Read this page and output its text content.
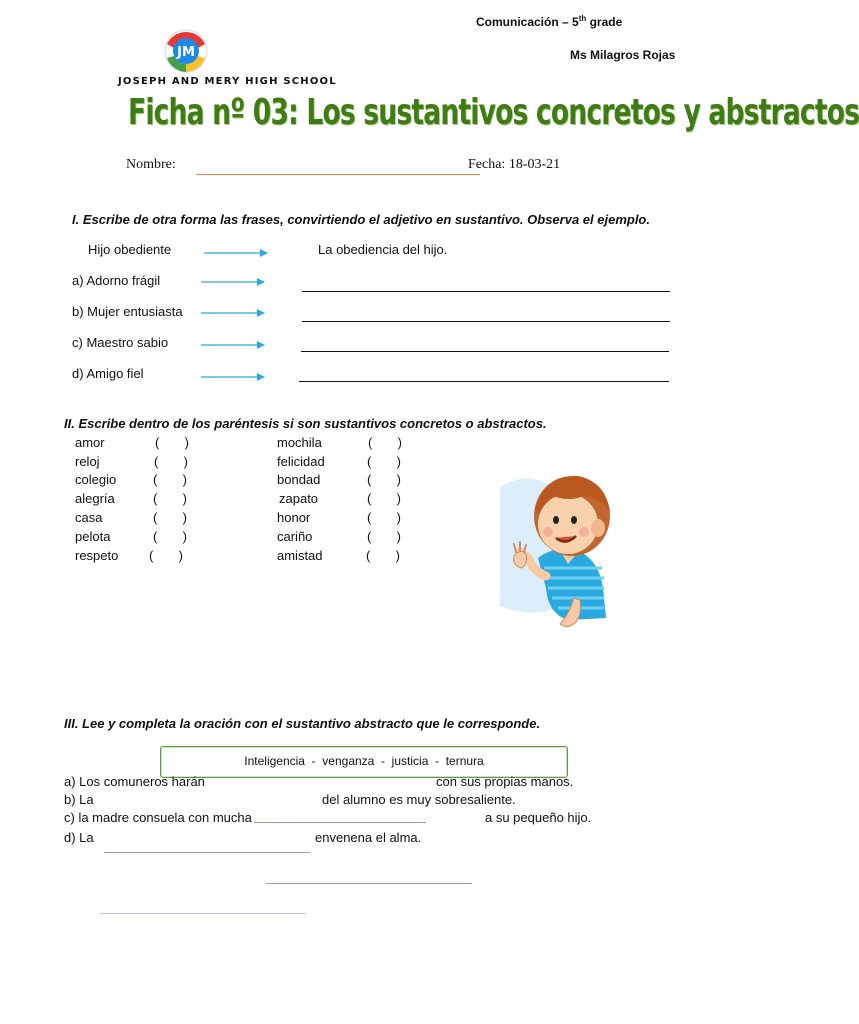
Comunicación – 5th grade
Ms Milagros Rojas
JM
JOSEPH AND MERY HIGH SCHOOL
Ficha nº 03: Los sustantivos concretos y abstractos
Nombre:	Fecha: 18-03-21
I. Escribe de otra forma las frases, convirtiendo el adjetivo en sustantivo. Observa el ejemplo.
Hijo obediente	La obediencia del hijo.
a) Adorno frágil
b) Mujer entusiasta
c) Maestro sabio
d) Amigo fiel
II. Escribe dentro de los paréntesis si son sustantivos concretos o abstractos.
amor	(       )	mochila	(       )
reloj	(       )	felicidad	(       )
colegio	(       )	bondad	(       )
alegría	(       )	zapato	(       )
casa	(       )	honor	(       )
pelota	(       )	cariño	(       )
respeto (       )	amistad	(       )
III. Lee y completa la oración con el sustantivo abstracto que le corresponde.
Inteligencia  -  venganza  -  justicia  -  ternura
a) Los comuneros harán	con sus propias manos.
b) La	del alumno es muy sobresaliente.
c) la madre consuela con mucha	a su pequeño hijo.
d) La	envenena el alma.
